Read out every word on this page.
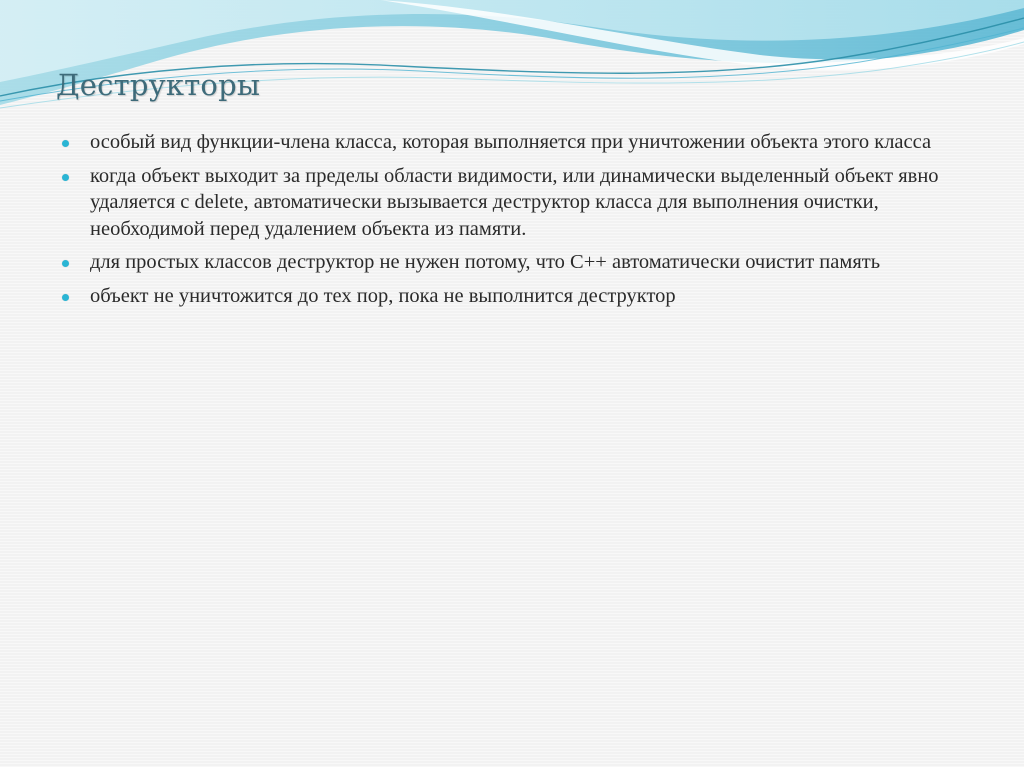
Деструкторы
особый вид функции-члена класса, которая выполняется при уничтожении объекта этого класса
когда объект выходит за пределы области видимости, или динамически выделенный объект явно удаляется с delete, автоматически вызывается деструктор класса для выполнения очистки, необходимой перед удалением объекта из памяти.
для простых классов деструктор не нужен потому, что C++ автоматически очистит память
объект не уничтожится до тех пор, пока не выполнится деструктор
